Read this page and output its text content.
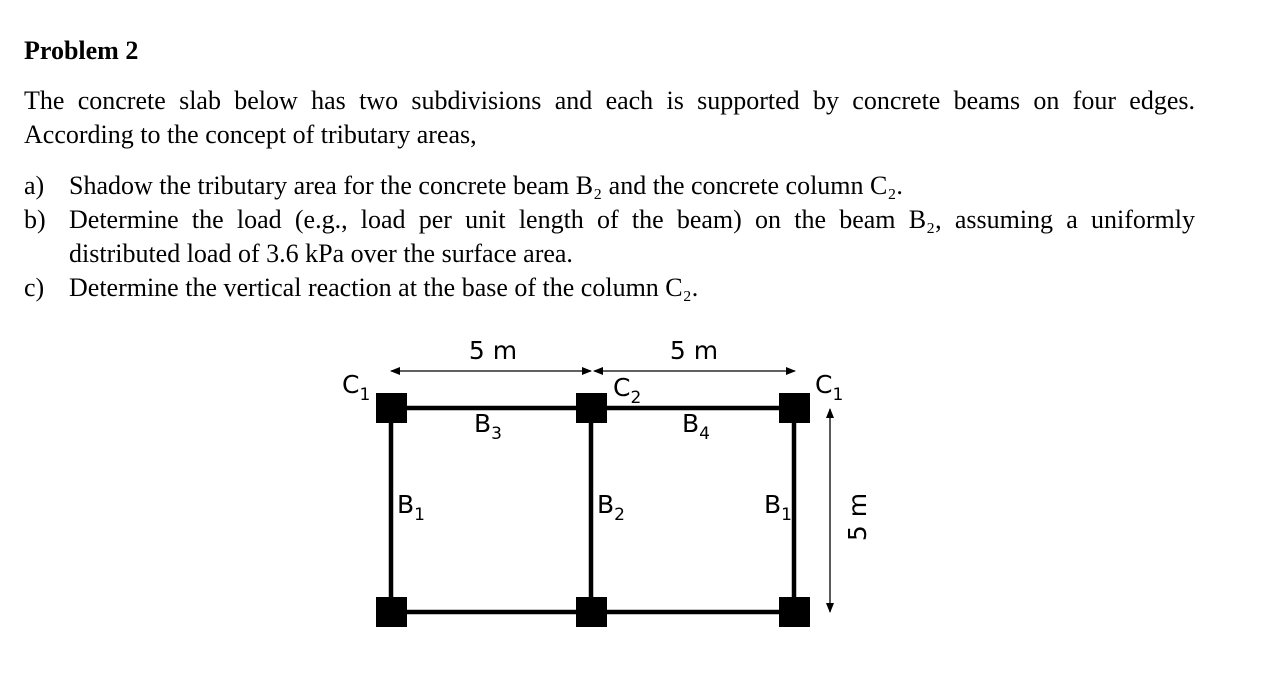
Problem 2

The concrete slab below has two subdivisions and each is supported by concrete beams on four edges. According to the concept of tributary areas,

a) Shadow the tributary area for the concrete beam B₂ and the concrete column C₂.
b) Determine the load (e.g., load per unit length of the beam) on the beam B₂, assuming a uniformly distributed load of 3.6 kPa over the surface area.
c) Determine the vertical reaction at the base of the column C₂.
5 m	5 m
5 m
$C_1$	$C_2$	$C_1$
$B_3$	$B_4$
$B_1$	$B_2$	$B_1$
